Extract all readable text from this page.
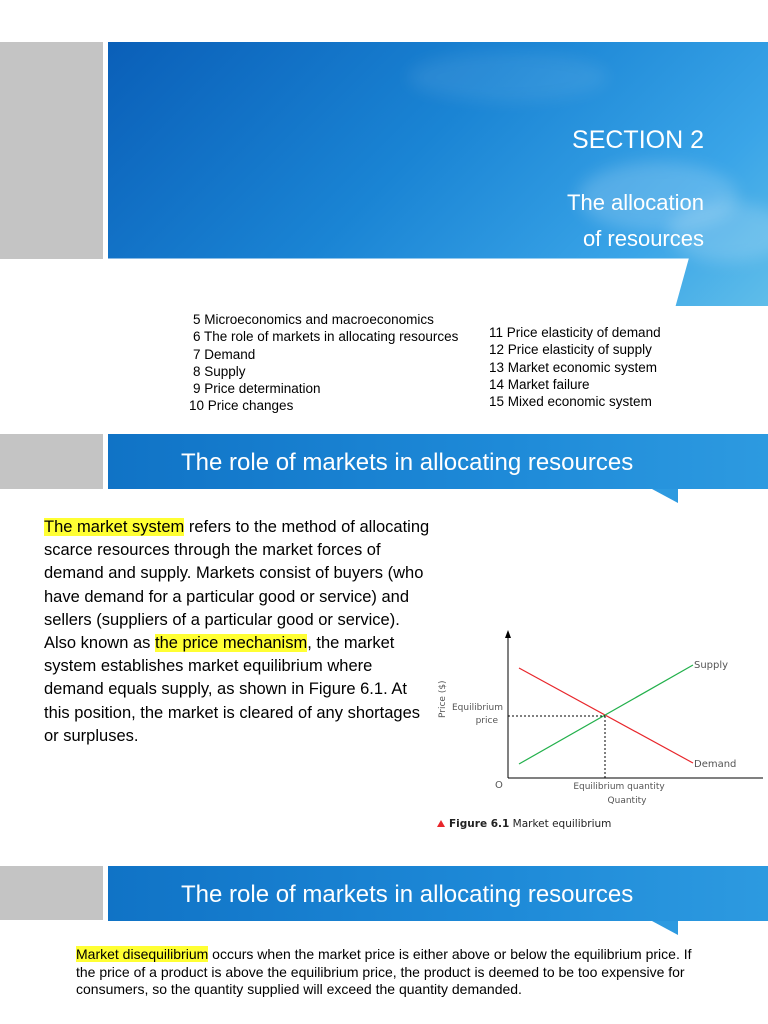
SECTION 2
The allocation
of resources
5 Microeconomics and macroeconomics
6 The role of markets in allocating resources
7 Demand
8 Supply
9 Price determination
10 Price changes
11 Price elasticity of demand
12 Price elasticity of supply
13 Market economic system
14 Market failure
15 Mixed economic system
The role of markets in allocating resources
The market system refers to the method of allocating scarce resources through the market forces of demand and supply. Markets consist of buyers (who have demand for a particular good or service) and sellers (suppliers of a particular good or service).
Also known as the price mechanism, the market system establishes market equilibrium where demand equals supply, as shown in Figure 6.1. At this position, the market is cleared of any shortages or surpluses.
Supply
Demand
Price ($) Equilibrium
price
O	Equilibrium quantity
Quantity
Figure 6.1 Market equilibrium
The role of markets in allocating resources
Market disequilibrium occurs when the market price is either above or below the equilibrium price. If the price of a product is above the equilibrium price, the product is deemed to be too expensive for consumers, so the quantity supplied will exceed the quantity demanded.
